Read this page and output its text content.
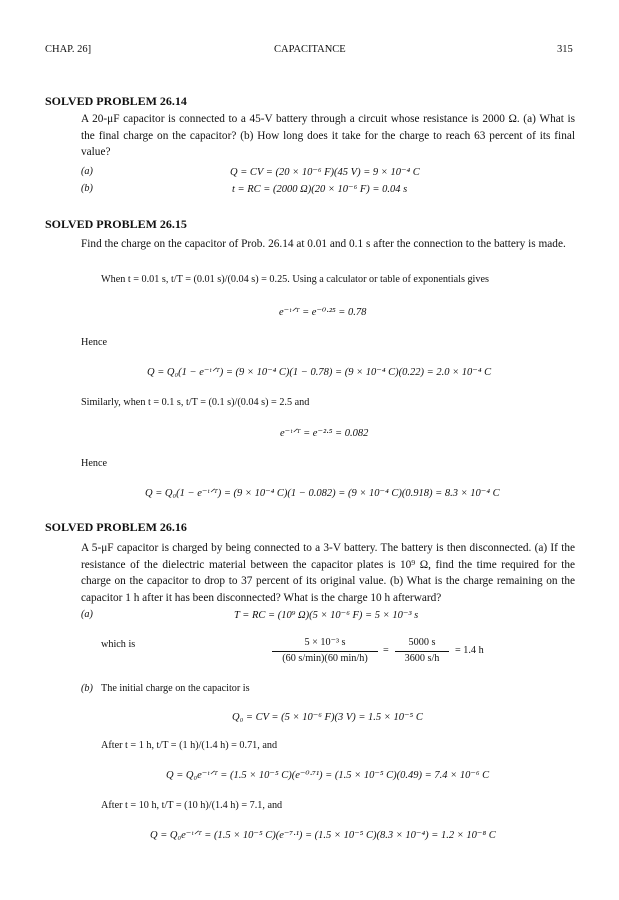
CHAP. 26]	CAPACITANCE	315
SOLVED PROBLEM 26.14
A 20-μF capacitor is connected to a 45-V battery through a circuit whose resistance is 2000 Ω. (a) What is the final charge on the capacitor? (b) How long does it take for the charge to reach 63 percent of its final value?
(a)	Q = CV = (20 × 10⁻⁶ F)(45 V) = 9 × 10⁻⁴ C
(b)	t = RC = (2000 Ω)(20 × 10⁻⁶ F) = 0.04 s
SOLVED PROBLEM 26.15
Find the charge on the capacitor of Prob. 26.14 at 0.01 and 0.1 s after the connection to the battery is made.
When t = 0.01 s, t/T = (0.01 s)/(0.04 s) = 0.25. Using a calculator or table of exponentials gives
e⁻ᵗᐟᵀ = e⁻⁰·²⁵ = 0.78
Hence
Q = Q₀(1 − e⁻ᵗᐟᵀ) = (9 × 10⁻⁴ C)(1 − 0.78) = (9 × 10⁻⁴ C)(0.22) = 2.0 × 10⁻⁴ C
Similarly, when t = 0.1 s, t/T = (0.1 s)/(0.04 s) = 2.5 and
e⁻ᵗᐟᵀ = e⁻²·⁵ = 0.082
Hence
Q = Q₀(1 − e⁻ᵗᐟᵀ) = (9 × 10⁻⁴ C)(1 − 0.082) = (9 × 10⁻⁴ C)(0.918) = 8.3 × 10⁻⁴ C
SOLVED PROBLEM 26.16
A 5-μF capacitor is charged by being connected to a 3-V battery. The battery is then disconnected. (a) If the resistance of the dielectric material between the capacitor plates is 10⁹ Ω, find the time required for the charge on the capacitor to drop to 37 percent of its original value. (b) What is the charge remaining on the capacitor 1 h after it has been disconnected? What is the charge 10 h afterward?
(a)	T = RC = (10⁹ Ω)(5 × 10⁻⁶ F) = 5 × 10⁻³ s
which is	5 × 10⁻³ s
(60 s/min)(60 min/h)
=
5000 s
3600 s/h
= 1.4 h
(b) The initial charge on the capacitor is
Q₀ = CV = (5 × 10⁻⁶ F)(3 V) = 1.5 × 10⁻⁵ C
After t = 1 h, t/T = (1 h)/(1.4 h) = 0.71, and
Q = Q₀e⁻ᵗᐟᵀ = (1.5 × 10⁻⁵ C)(e⁻⁰·⁷¹) = (1.5 × 10⁻⁵ C)(0.49) = 7.4 × 10⁻⁶ C
After t = 10 h, t/T = (10 h)/(1.4 h) = 7.1, and
Q = Q₀e⁻ᵗᐟᵀ = (1.5 × 10⁻⁵ C)(e⁻⁷·¹) = (1.5 × 10⁻⁵ C)(8.3 × 10⁻⁴) = 1.2 × 10⁻⁸ C
